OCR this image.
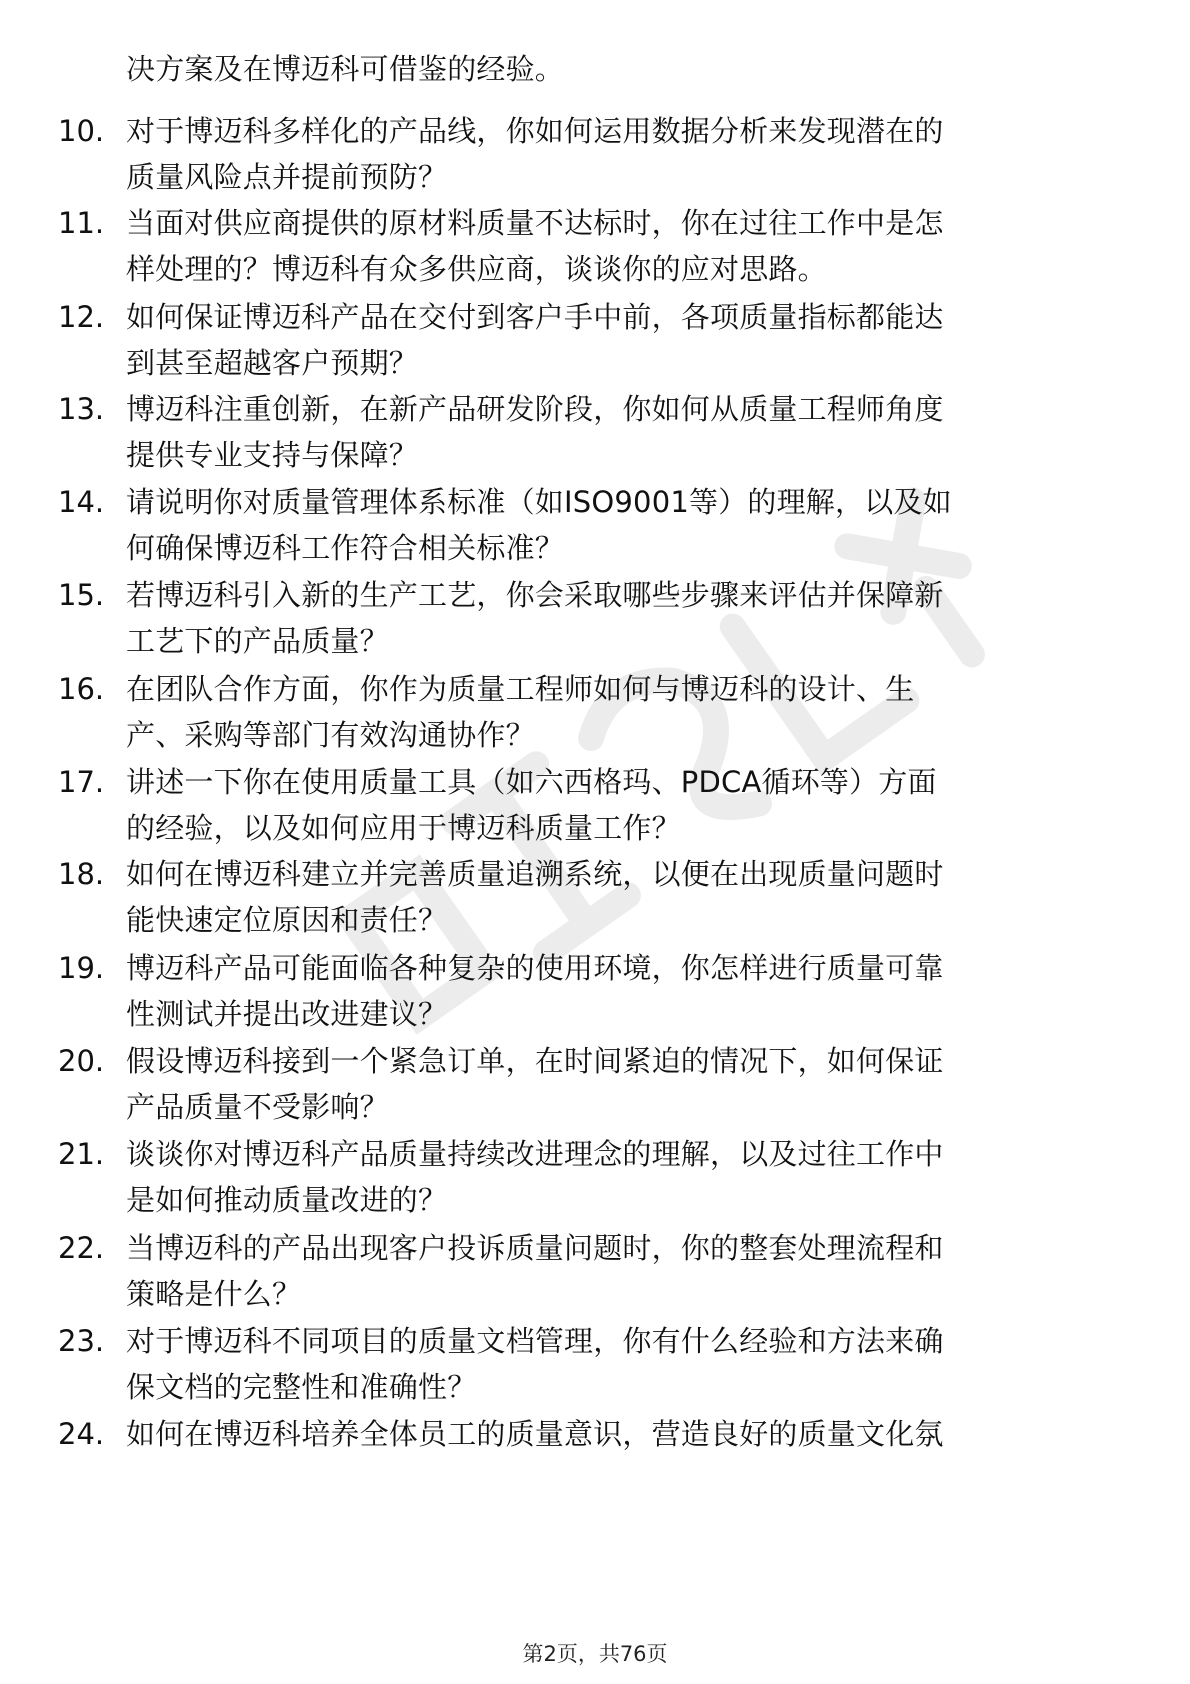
决方案及在博迈科可借鉴的经验。
10. 对于博迈科多样化的产品线，你如何运用数据分析来发现潜在的
质量风险点并提前预防？
11. 当面对供应商提供的原材料质量不达标时，你在过往工作中是怎
样处理的？博迈科有众多供应商，谈谈你的应对思路。
12. 如何保证博迈科产品在交付到客户手中前，各项质量指标都能达
到甚至超越客户预期？
13. 博迈科注重创新，在新产品研发阶段，你如何从质量工程师角度
提供专业支持与保障？
14. 请说明你对质量管理体系标准（如ISO9001等）的理解，以及如
何确保博迈科工作符合相关标准？
15. 若博迈科引入新的生产工艺，你会采取哪些步骤来评估并保障新
工艺下的产品质量？
16. 在团队合作方面，你作为质量工程师如何与博迈科的设计、生
产、采购等部门有效沟通协作？
17. 讲述一下你在使用质量工具（如六西格玛、PDCA循环等）方面
的经验，以及如何应用于博迈科质量工作？
18. 如何在博迈科建立并完善质量追溯系统，以便在出现质量问题时
能快速定位原因和责任？
19. 博迈科产品可能面临各种复杂的使用环境，你怎样进行质量可靠
性测试并提出改进建议？
20. 假设博迈科接到一个紧急订单，在时间紧迫的情况下，如何保证
产品质量不受影响？
21. 谈谈你对博迈科产品质量持续改进理念的理解，以及过往工作中
是如何推动质量改进的？
22. 当博迈科的产品出现客户投诉质量问题时，你的整套处理流程和
策略是什么？
23. 对于博迈科不同项目的质量文档管理，你有什么经验和方法来确
保文档的完整性和准确性？
24. 如何在博迈科培养全体员工的质量意识，营造良好的质量文化氛
第2页，共76页
